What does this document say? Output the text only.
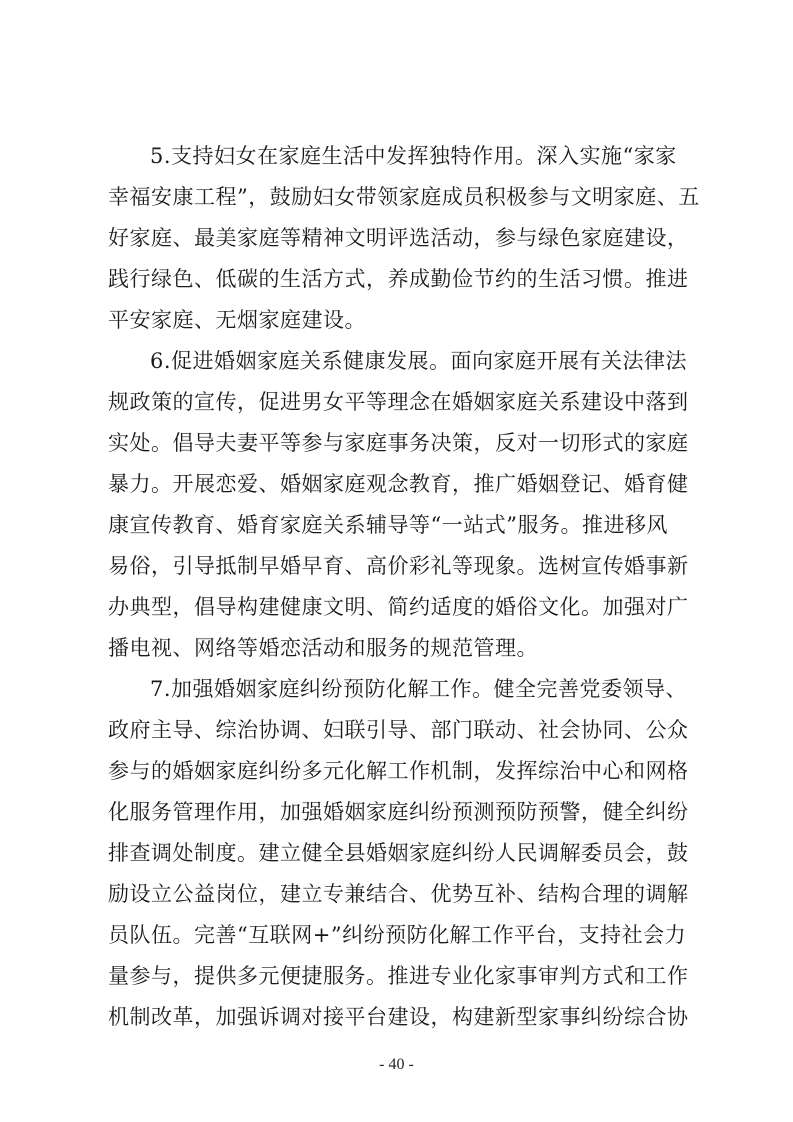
5.支持妇女在家庭生活中发挥独特作用。深入实施“家家
幸福安康工程”，鼓励妇女带领家庭成员积极参与文明家庭、五
好家庭、最美家庭等精神文明评选活动，参与绿色家庭建设，
践行绿色、低碳的生活方式，养成勤俭节约的生活习惯。推进
平安家庭、无烟家庭建设。
6.促进婚姻家庭关系健康发展。面向家庭开展有关法律法
规政策的宣传，促进男女平等理念在婚姻家庭关系建设中落到
实处。倡导夫妻平等参与家庭事务决策，反对一切形式的家庭
暴力。开展恋爱、婚姻家庭观念教育，推广婚姻登记、婚育健
康宣传教育、婚育家庭关系辅导等“一站式”服务。推进移风
易俗，引导抵制早婚早育、高价彩礼等现象。选树宣传婚事新
办典型，倡导构建健康文明、简约适度的婚俗文化。加强对广
播电视、网络等婚恋活动和服务的规范管理。
7.加强婚姻家庭纠纷预防化解工作。健全完善党委领导、
政府主导、综治协调、妇联引导、部门联动、社会协同、公众
参与的婚姻家庭纠纷多元化解工作机制，发挥综治中心和网格
化服务管理作用，加强婚姻家庭纠纷预测预防预警，健全纠纷
排查调处制度。建立健全县婚姻家庭纠纷人民调解委员会，鼓
励设立公益岗位，建立专兼结合、优势互补、结构合理的调解
员队伍。完善“互联网+”纠纷预防化解工作平台，支持社会力
量参与，提供多元便捷服务。推进专业化家事审判方式和工作
机制改革，加强诉调对接平台建设，构建新型家事纠纷综合协
- 40 -
